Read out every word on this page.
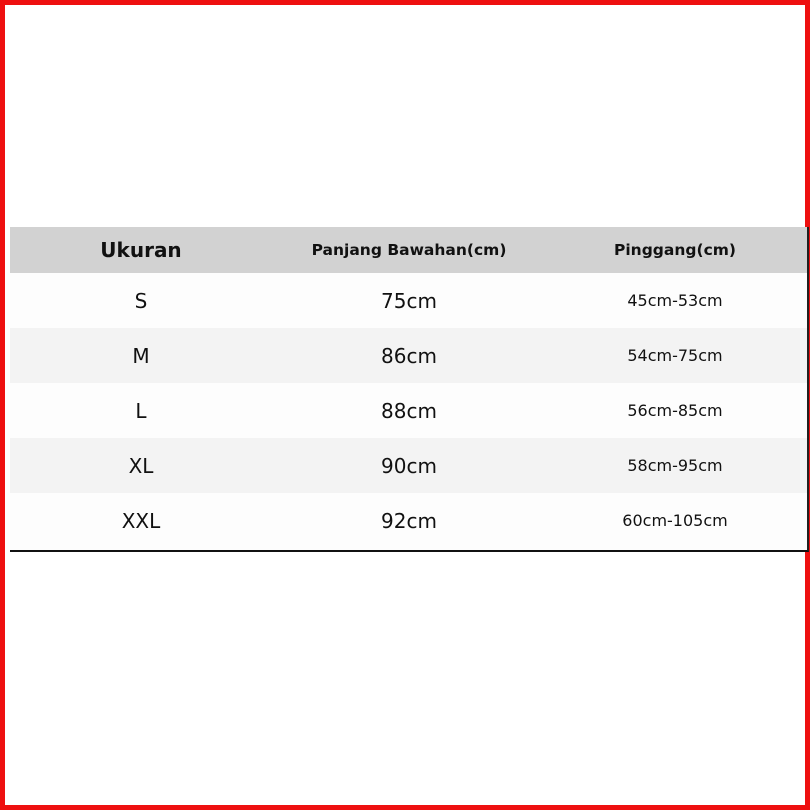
Ukuran	Panjang Bawahan(cm)	Pinggang(cm)
S	75cm	45cm-53cm
M	86cm	54cm-75cm
L	88cm	56cm-85cm
XL	90cm	58cm-95cm
XXL	92cm	60cm-105cm
